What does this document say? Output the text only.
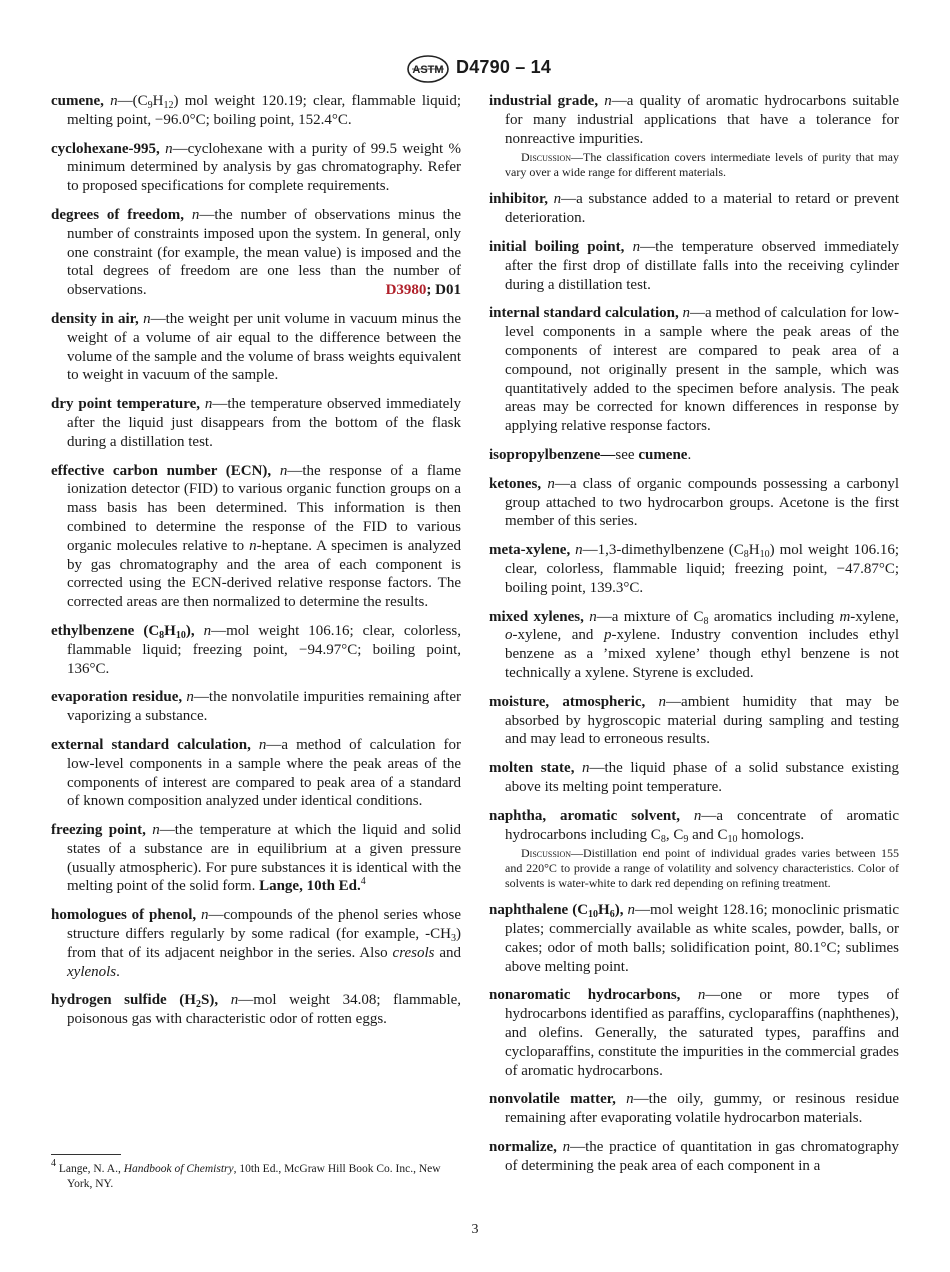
ASTM D4790 – 14

cumene, $n—(C_9H_{12})$ mol weight 120.19; clear, flammable liquid; melting point, −96.0°C; boiling point, 152.4°C.

cyclohexane-995, n—cyclohexane with a purity of 99.5 weight % minimum determined by analysis by gas chromatography. Refer to proposed specifications for complete requirements.

degrees of freedom, n—the number of observations minus the number of constraints imposed upon the system. In general, only one constraint (for example, the mean value) is imposed and the total degrees of freedom are one less than the number of observations.	D3980; D01

density in air, n—the weight per unit volume in vacuum minus the weight of a volume of air equal to the difference between the volume of the sample and the volume of brass weights equivalent to weight in vacuum of the sample.

dry point temperature, n—the temperature observed immediately after the liquid just disappears from the bottom of the flask during a distillation test.

effective carbon number (ECN), n—the response of a flame ionization detector (FID) to various organic function groups on a mass basis has been determined. This information is then combined to determine the response of the FID to various organic molecules relative to n-heptane. A specimen is analyzed by gas chromatography and the area of each component is corrected using the ECN-derived relative response factors. The corrected areas are then normalized to determine the results.

ethylbenzene $(C_8H_{10})$, n—mol weight 106.16; clear, colorless, flammable liquid; freezing point, −94.97°C; boiling point, 136°C.

evaporation residue, n—the nonvolatile impurities remaining after vaporizing a substance.

external standard calculation, n—a method of calculation for low-level components in a sample where the peak areas of the components of interest are compared to peak area of a standard of known composition analyzed under identical conditions.

freezing point, n—the temperature at which the liquid and solid states of a substance are in equilibrium at a given pressure (usually atmospheric). For pure substances it is identical with the melting point of the solid form. Lange, 10th Ed.$^4$

homologues of phenol, n—compounds of the phenol series whose structure differs regularly by some radical (for example, $-CH_3$) from that of its adjacent neighbor in the series. Also cresols and xylenols.

hydrogen sulfide $(H_2S)$, n—mol weight 34.08; flammable, poisonous gas with characteristic odor of rotten eggs.

$^4$ Lange, N. A., Handbook of Chemistry, 10th Ed., McGraw Hill Book Co. Inc., New York, NY.

industrial grade, n—a quality of aromatic hydrocarbons suitable for many industrial applications that have a tolerance for nonreactive impurities.

Discussion—The classification covers intermediate levels of purity that may vary over a wide range for different materials.

inhibitor, n—a substance added to a material to retard or prevent deterioration.

initial boiling point, n—the temperature observed immediately after the first drop of distillate falls into the receiving cylinder during a distillation test.

internal standard calculation, n—a method of calculation for low-level components in a sample where the peak areas of the components of interest are compared to peak area of a compound, not originally present in the sample, which was quantitatively added to the specimen before analysis. The peak areas may be corrected for known differences in response by applying relative response factors.

isopropylbenzene—see cumene.

ketones, n—a class of organic compounds possessing a carbonyl group attached to two hydrocarbon groups. Acetone is the first member of this series.

meta-xylene, n—1,3-dimethylbenzene $(C_8H_{10})$ mol weight 106.16; clear, colorless, flammable liquid; freezing point, −47.87°C; boiling point, 139.3°C.

mixed xylenes, n—a mixture of $C_8$ aromatics including m-xylene, o-xylene, and p-xylene. Industry convention includes ethyl benzene as a ’mixed xylene’ though ethyl benzene is not technically a xylene. Styrene is excluded.

moisture, atmospheric, n—ambient humidity that may be absorbed by hygroscopic material during sampling and testing and may lead to erroneous results.

molten state, n—the liquid phase of a solid substance existing above its melting point temperature.

naphtha, aromatic solvent, n—a concentrate of aromatic hydrocarbons including $C_8$, $C_9$ and $C_{10}$ homologs.

Discussion—Distillation end point of individual grades varies between 155 and 220°C to provide a range of volatility and solvency characteristics. Color of solvents is water-white to dark red depending on refining treatment.

naphthalene $(C_{10}H_6)$, n—mol weight 128.16; monoclinic prismatic plates; commercially available as white scales, powder, balls, or cakes; odor of moth balls; solidification point, 80.1°C; sublimes above melting point.

nonaromatic hydrocarbons, n—one or more types of hydrocarbons identified as paraffins, cycloparaffins (naphthenes), and olefins. Generally, the saturated types, paraffins and cycloparaffins, constitute the impurities in the commercial grades of aromatic hydrocarbons.

nonvolatile matter, n—the oily, gummy, or resinous residue remaining after evaporating volatile hydrocarbon materials.

normalize, n—the practice of quantitation in gas chromatography of determining the peak area of each component in a

3
